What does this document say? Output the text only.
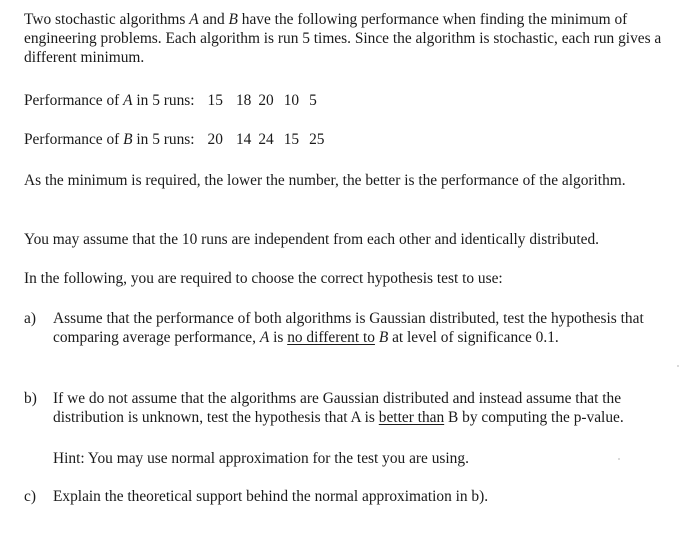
Two stochastic algorithms A and B have the following performance when finding the minimum of engineering problems. Each algorithm is run 5 times. Since the algorithm is stochastic, each run gives a different minimum.

Performance of A in 5 runs: 15 18 20 10 5

Performance of B in 5 runs: 20 14 24 15 25

As the minimum is required, the lower the number, the better is the performance of the algorithm.

You may assume that the 10 runs are independent from each other and identically distributed.

In the following, you are required to choose the correct hypothesis test to use:

a)	Assume that the performance of both algorithms is Gaussian distributed, test the hypothesis that comparing average performance, A is no different to B at level of significance 0.1.
b)	If we do not assume that the algorithms are Gaussian distributed and instead assume that the distribution is unknown, test the hypothesis that A is better than B by computing the p-value.

Hint: You may use normal approximation for the test you are using.

c)	Explain the theoretical support behind the normal approximation in b).
